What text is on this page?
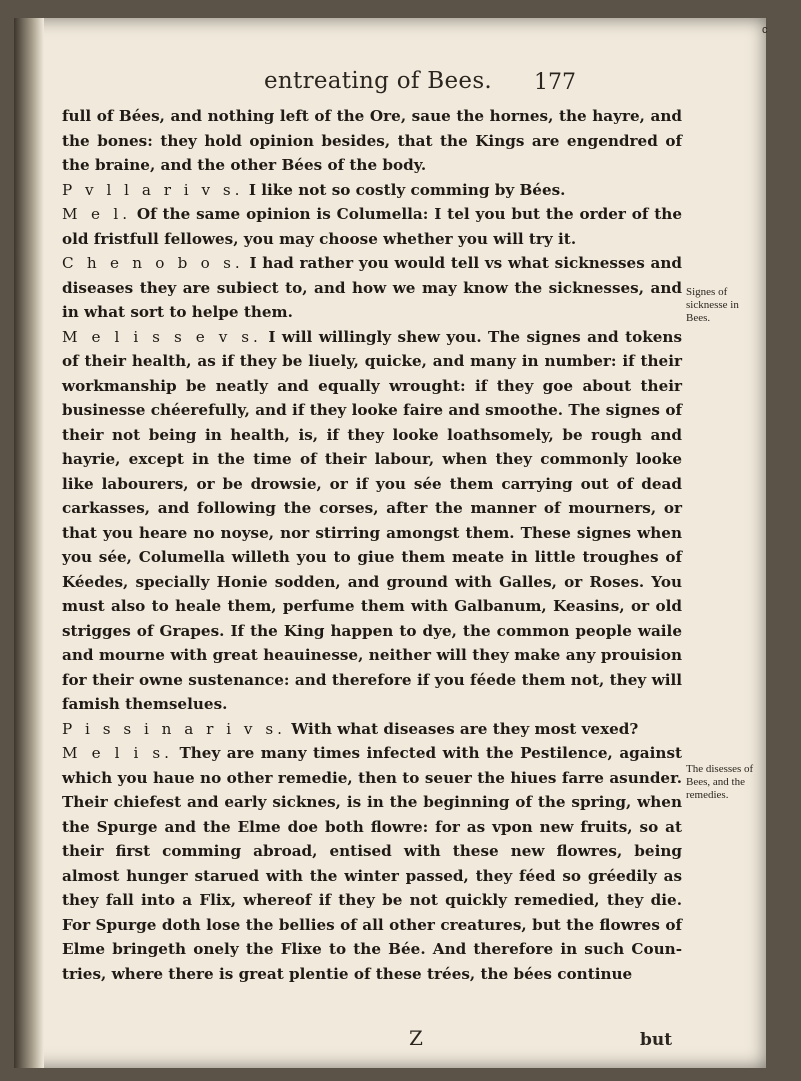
c
entreating of Bees. 177

full of Bées, and nothing left of the Ore, saue the hornes, the hayre, and the bones: they hold opinion besides, that the Kings are engendred of the braine, and the other Bées of the body.

P v l l a r i v s. I like not so costly comming by Bées.

M e l. Of the same opinion is Columella: I tel you but the order of the old fristfull fellowes, you may choose whether you will try it.

C h e n o b o s. I had rather you would tell vs what sicknesses and diseases they are subiect to, and how we may know the sicknesses, and in what sort to helpe them.

M e l i s s e v s. I will willingly shew you. The signes and tokens of their health, as if they be liuely, quicke, and many in number: if their workmanship be neatly and equally wrought: if they goe about their businesse chéerefully, and if they looke faire and smoothe. The signes of their not being in health, is, if they looke loathsomely, be rough and hayrie, except in the time of their labour, when they commonly looke like labourers, or be drowsie, or if you sée them carrying out of dead carkasses, and following the corses, after the manner of mourners, or that you heare no noyse, nor stirring amongst them. These signes when you sée, Columella willeth you to giue them meate in little troughes of Kéedes, specially Honie sodden, and ground with Galles, or Roses. You must also to heale them, perfume them with Galbanum, Keasins, or old strigges of Grapes. If the King happen to dye, the common people waile and mourne with great heauinesse, neither will they make any prouision for their owne sustenance: and therefore if you féede them not, they will famish themselues.

P i s s i n a r i v s. With what diseases are they most vexed?

M e l i s. They are many times infected with the Pestilence, against which you haue no other remedie, then to seuer the hiues farre asunder. Their chiefest and early sicknes, is in the beginning of the spring, when the Spurge and the Elme doe both flowre: for as vpon new fruits, so at their first comming abroad, entised with these new flowres, being almost hunger starued with the winter passed, they féed so gréedily as they fall into a Flix, whereof if they be not quickly remedied, they die. For Spurge doth lose the bellies of all other creatures, but the flowres of Elme bringeth onely the Flixe to the Bée. And therefore in such Countries, where there is great plentie of these trées, the bées continue

Signes of sicknesse in Bees.
The disesses of Bees, and the remedies.
Z	but
